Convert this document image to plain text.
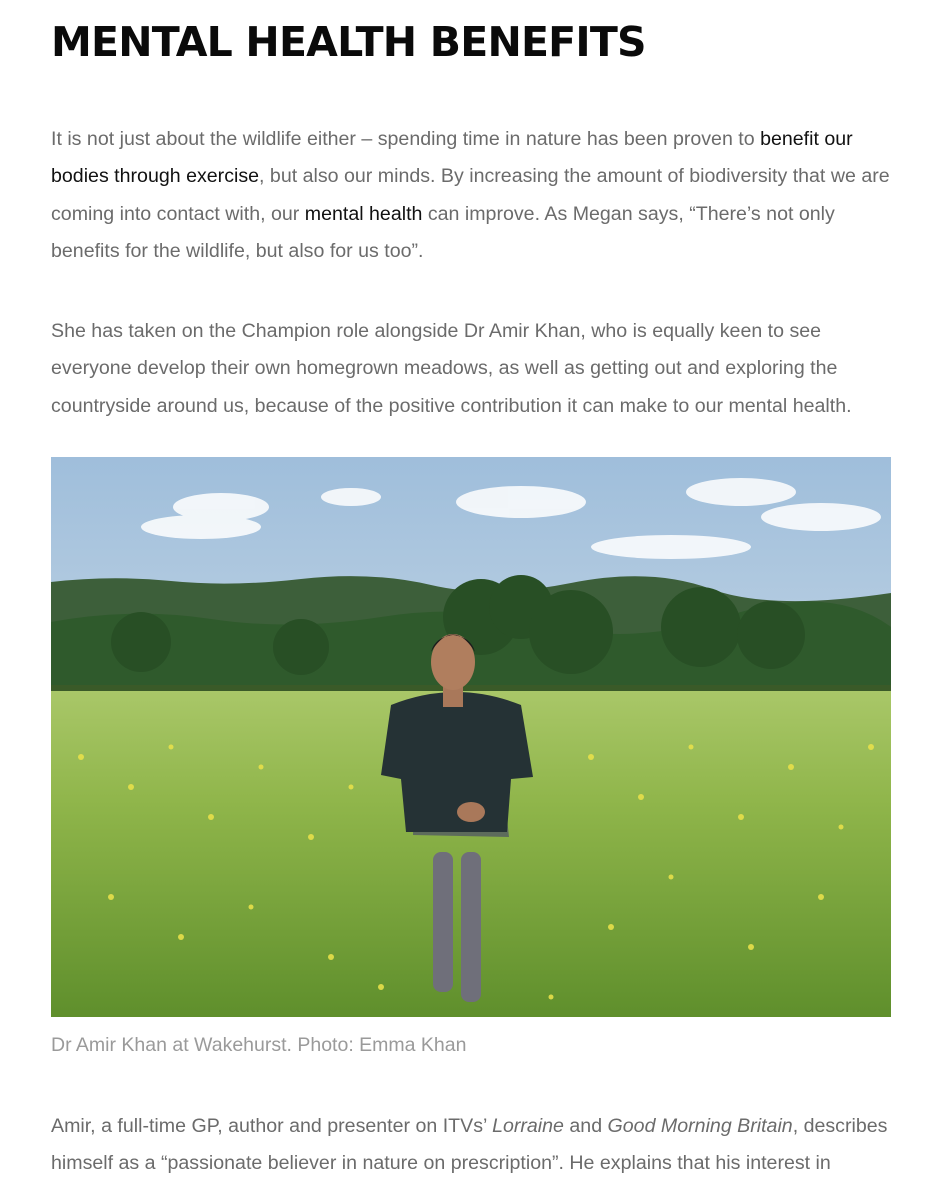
MENTAL HEALTH BENEFITS

It is not just about the wildlife either – spending time in nature has been proven to benefit our bodies through exercise, but also our minds. By increasing the amount of biodiversity that we are coming into contact with, our mental health can improve. As Megan says, “There’s not only benefits for the wildlife, but also for us too”.

She has taken on the Champion role alongside Dr Amir Khan, who is equally keen to see everyone develop their own homegrown meadows, as well as getting out and exploring the countryside around us, because of the positive contribution it can make to our mental health.

Dr Amir Khan at Wakehurst. Photo: Emma Khan

Amir, a full-time GP, author and presenter on ITVs’ Lorraine and Good Morning Britain, describes himself as a “passionate believer in nature on prescription”. He explains that his interest in
